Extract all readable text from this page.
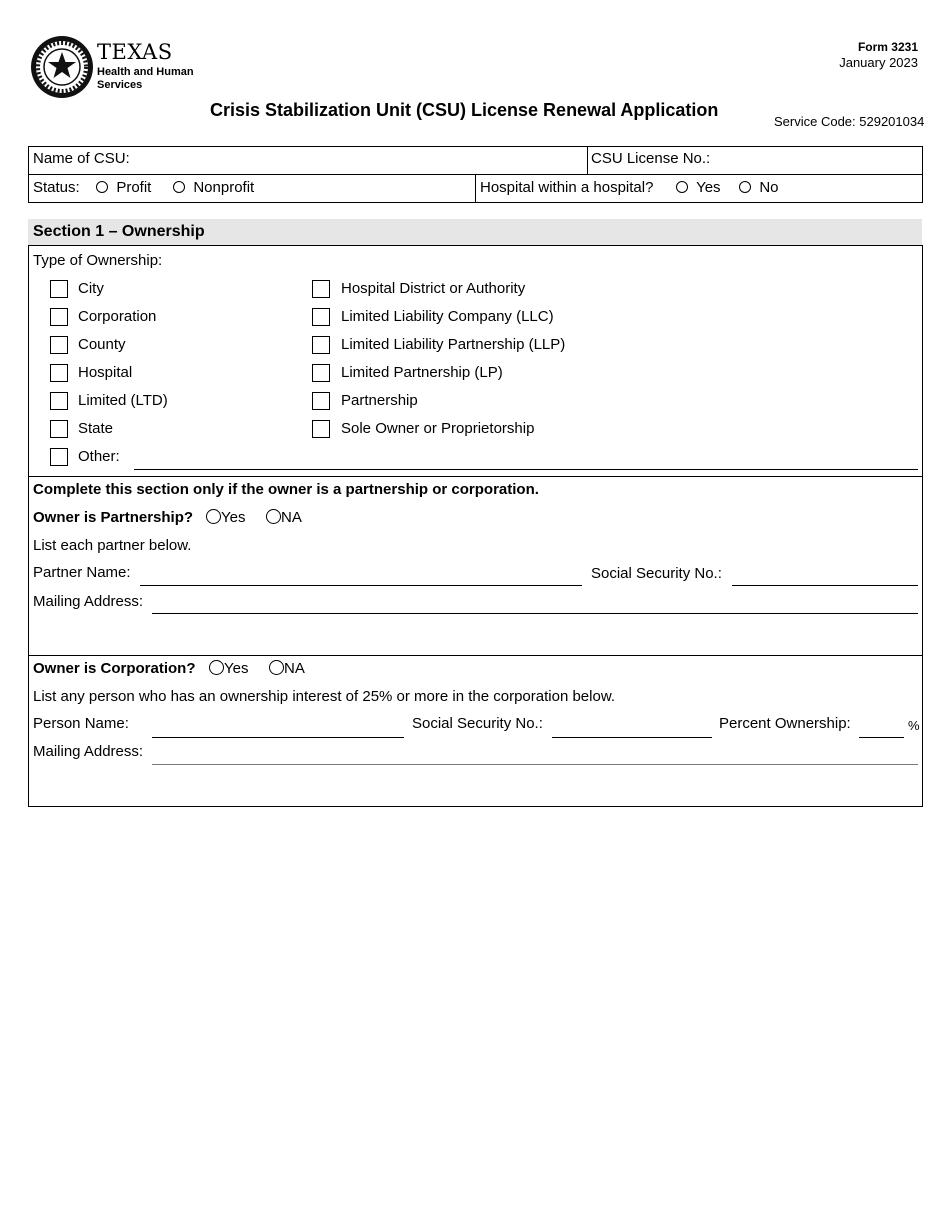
TEXAS
Health and Human Services
Form 3231
January 2023
Crisis Stabilization Unit (CSU) License Renewal Application
Service Code: 529201034
Name of CSU:	CSU License No.:
Status:	Profit	Nonprofit	Hospital within a hospital?	Yes	No
Section 1 – Ownership
Type of Ownership:
City
Corporation
County
Hospital
Limited (LTD)
State
Other:
Hospital District or Authority
Limited Liability Company (LLC)
Limited Liability Partnership (LLP)
Limited Partnership (LP)
Partnership
Sole Owner or Proprietorship
Complete this section only if the owner is a partnership or corporation.
Owner is Partnership?	Yes	NA
List each partner below.
Partner Name:	Social Security No.:
Mailing Address:
Owner is Corporation?	Yes	NA
List any person who has an ownership interest of 25% or more in the corporation below.
Person Name:	Social Security No.:	Percent Ownership:	%
Mailing Address:
